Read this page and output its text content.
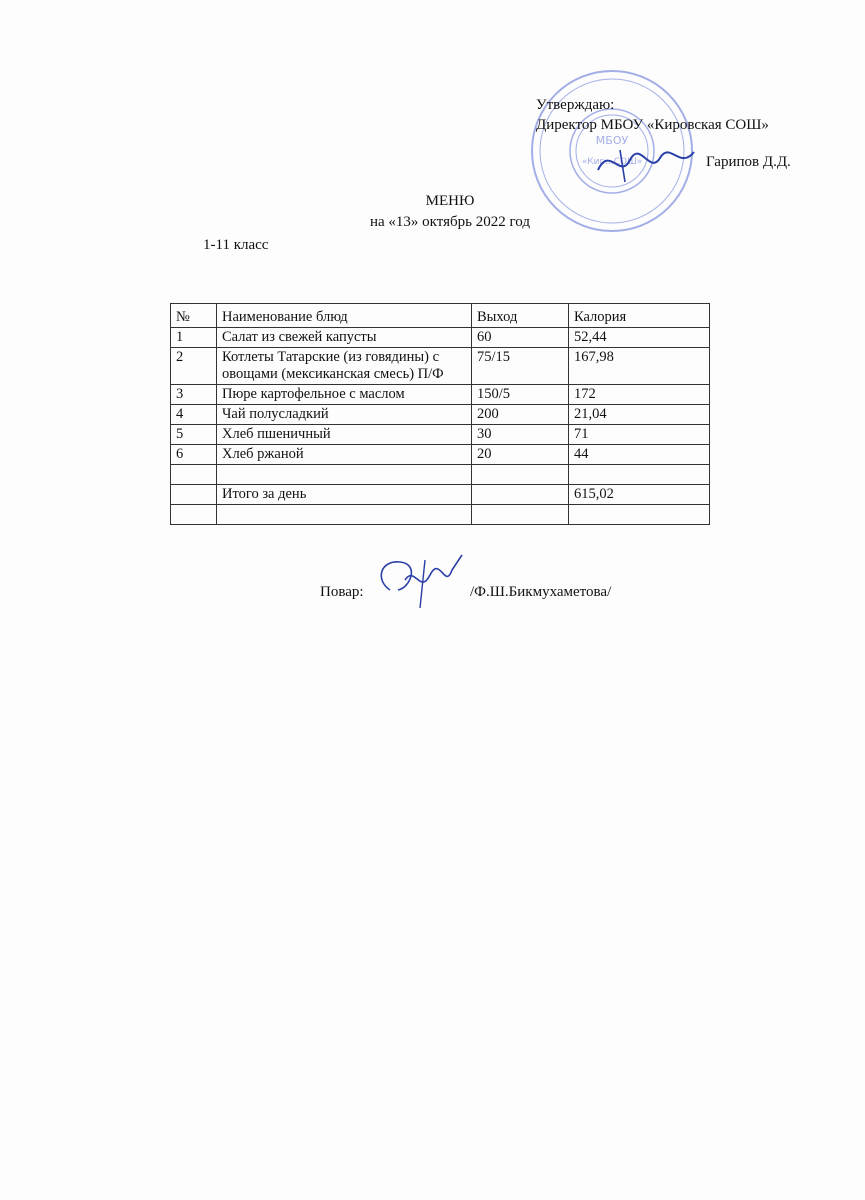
МБОУ
«Кир...СОШ»
Утверждаю:
Директор МБОУ «Кировская СОШ»
Гарипов Д.Д.
МЕНЮ
на «13» октябрь 2022 год
1-11 класс
№	Наименование блюд	Выход	Калория
1	Салат из свежей капусты	60	52,44
2	Котлеты Татарские (из говядины) с овощами (мексиканская смесь) П/Ф	75/15	167,98
3	Пюре картофельное с маслом	150/5	172
4	Чай полусладкий	200	21,04
5	Хлеб пшеничный	30	71
6	Хлеб ржаной	20	44

	Итого за день		615,02

Повар:	/Ф.Ш.Бикмухаметова/
